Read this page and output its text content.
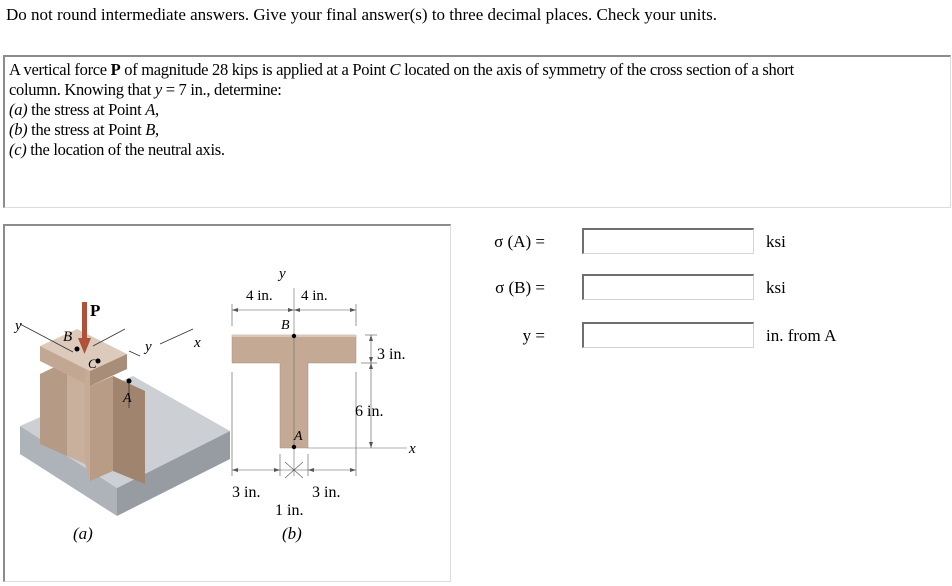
Do not round intermediate answers. Give your final answer(s) to three decimal places. Check your units.

A vertical force P of magnitude 28 kips is applied at a Point C located on the axis of symmetry of the cross section of a short

column. Knowing that y = 7 in., determine:

(a) the stress at Point A,

(b) the stress at Point B,

(c) the location of the neutral axis.

P
y
B
C
y	x
A
(a)
y
4 in. 4 in.
B
3 in.
6 in.
x
A
3 in.	3 in.
1 in.
(b)
σ (A) =	ksi
σ (B) =	ksi
y =	in. from A
